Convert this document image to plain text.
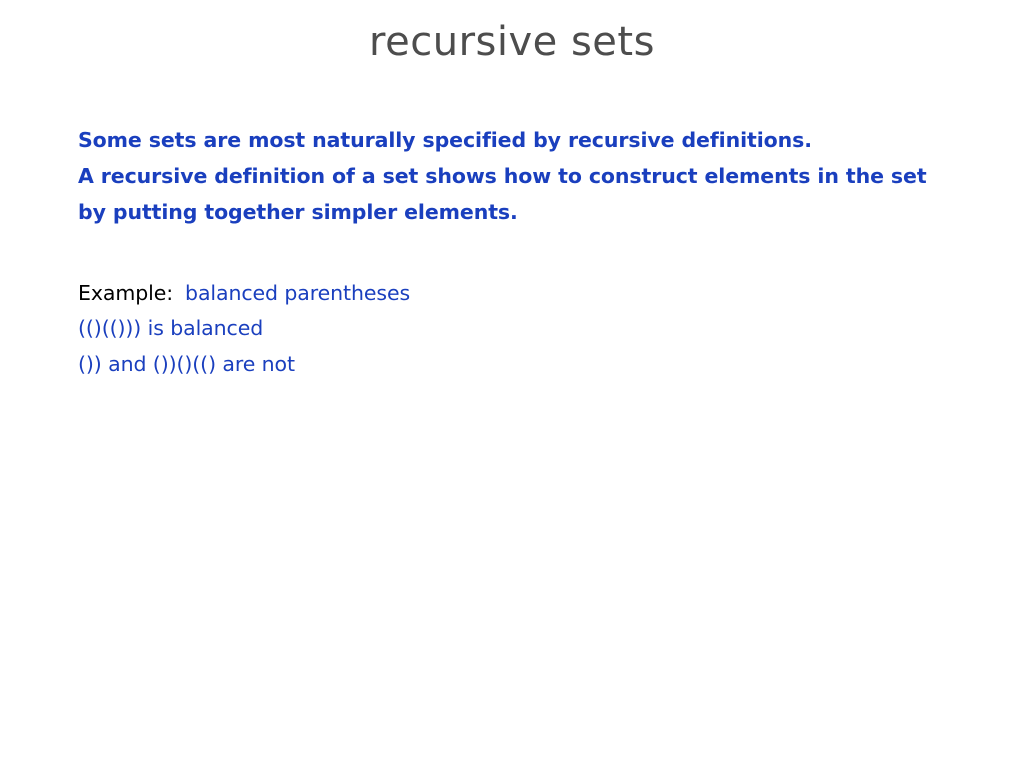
recursive sets
Some sets are most naturally specified by recursive definitions.
A recursive definition of a set shows how to construct elements in the set by putting together simpler elements.
Example: balanced parentheses
(()(())) is balanced
()) and ())()(() are not
